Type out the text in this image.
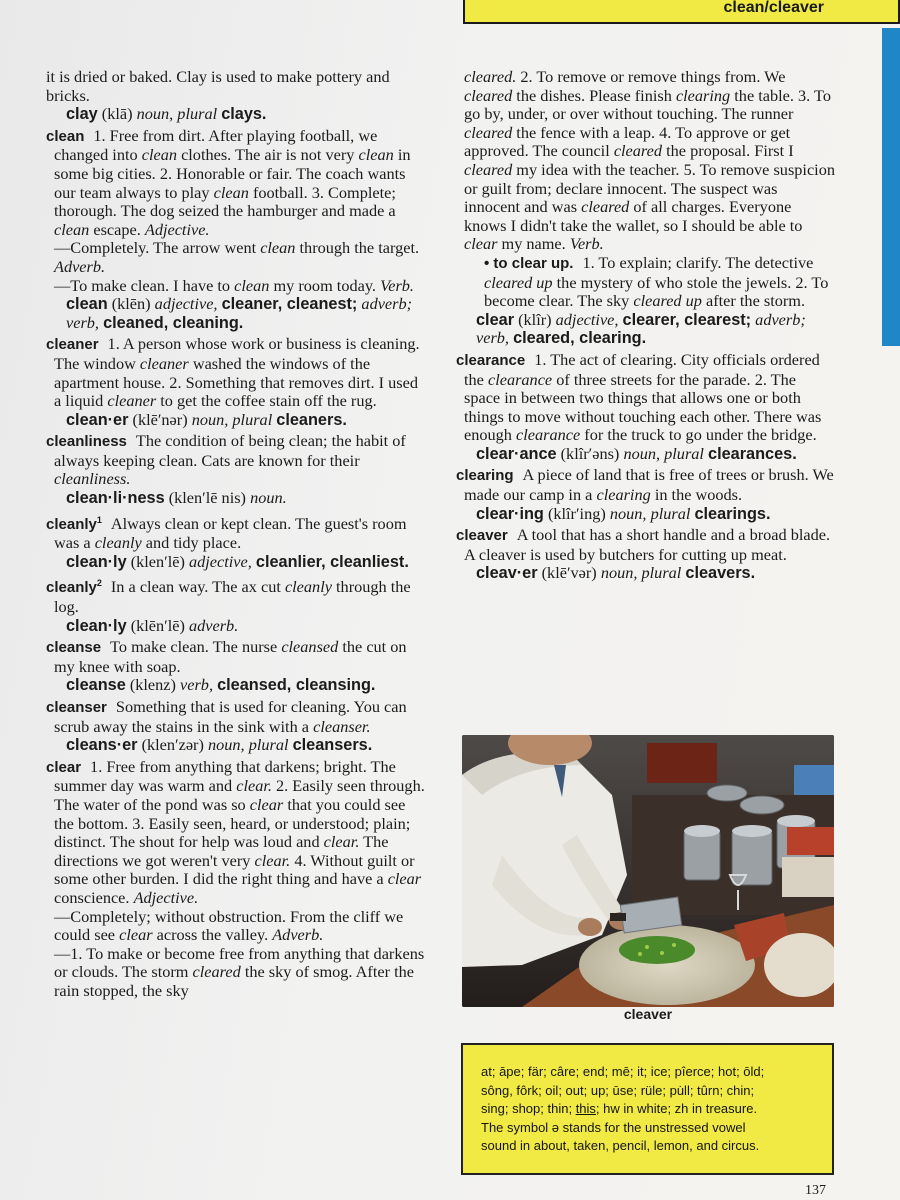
clean/cleaver

it is dried or baked. Clay is used to make pottery and bricks.

clay (klā) noun, plural clays.

clean 1. Free from dirt. After playing football, we changed into clean clothes. The air is not very clean in some big cities. 2. Honorable or fair. The coach wants our team always to play clean football. 3. Complete; thorough. The dog seized the hamburger and made a clean escape. Adjective.

—Completely. The arrow went clean through the target. Adverb.

—To make clean. I have to clean my room today. Verb.

clean (klēn) adjective, cleaner, cleanest; adverb; verb, cleaned, cleaning.

cleaner 1. A person whose work or business is cleaning. The window cleaner washed the windows of the apartment house. 2. Something that removes dirt. I used a liquid cleaner to get the coffee stain off the rug.

clean·er (klē′nər) noun, plural cleaners.

cleanliness The condition of being clean; the habit of always keeping clean. Cats are known for their cleanliness.

clean·li·ness (klen′lē nis) noun.

cleanly$^1$ Always clean or kept clean. The guest's room was a cleanly and tidy place.

clean·ly (klen′lē) adjective, cleanlier, cleanliest.

cleanly$^2$ In a clean way. The ax cut cleanly through the log.

clean·ly (klēn′lē) adverb.

cleanse To make clean. The nurse cleansed the cut on my knee with soap.

cleanse (klenz) verb, cleansed, cleansing.

cleanser Something that is used for cleaning. You can scrub away the stains in the sink with a cleanser.

cleans·er (klen′zər) noun, plural cleansers.

clear 1. Free from anything that darkens; bright. The summer day was warm and clear. 2. Easily seen through. The water of the pond was so clear that you could see the bottom. 3. Easily seen, heard, or understood; plain; distinct. The shout for help was loud and clear. The directions we got weren't very clear. 4. Without guilt or some other burden. I did the right thing and have a clear conscience. Adjective.

—Completely; without obstruction. From the cliff we could see clear across the valley. Adverb.

—1. To make or become free from anything that darkens or clouds. The storm cleared the sky of smog. After the rain stopped, the sky

cleared. 2. To remove or remove things from. We cleared the dishes. Please finish clearing the table. 3. To go by, under, or over without touching. The runner cleared the fence with a leap. 4. To approve or get approved. The council cleared the proposal. First I cleared my idea with the teacher. 5. To remove suspicion or guilt from; declare innocent. The suspect was innocent and was cleared of all charges. Everyone knows I didn't take the wallet, so I should be able to clear my name. Verb.

• to clear up. 1. To explain; clarify. The detective cleared up the mystery of who stole the jewels. 2. To become clear. The sky cleared up after the storm.

clear (klîr) adjective, clearer, clearest; adverb; verb, cleared, clearing.

clearance 1. The act of clearing. City officials ordered the clearance of three streets for the parade. 2. The space in between two things that allows one or both things to move without touching each other. There was enough clearance for the truck to go under the bridge.

clear·ance (klîr′əns) noun, plural clearances.

clearing A piece of land that is free of trees or brush. We made our camp in a clearing in the woods.

clear·ing (klîr′ing) noun, plural clearings.

cleaver A tool that has a short handle and a broad blade. A cleaver is used by butchers for cutting up meat.

cleav·er (klē′vər) noun, plural cleavers.

cleaver

at; āpe; fär; câre; end; mē; it; ice; pîerce; hot; ōld;

sông, fôrk; oil; out; up; ūse; rüle; pu̇ll; tûrn; chin;

sing; shop; thin; this; hw in white; zh in treasure.

The symbol ə stands for the unstressed vowel

sound in about, taken, pencil, lemon, and circus.

137
